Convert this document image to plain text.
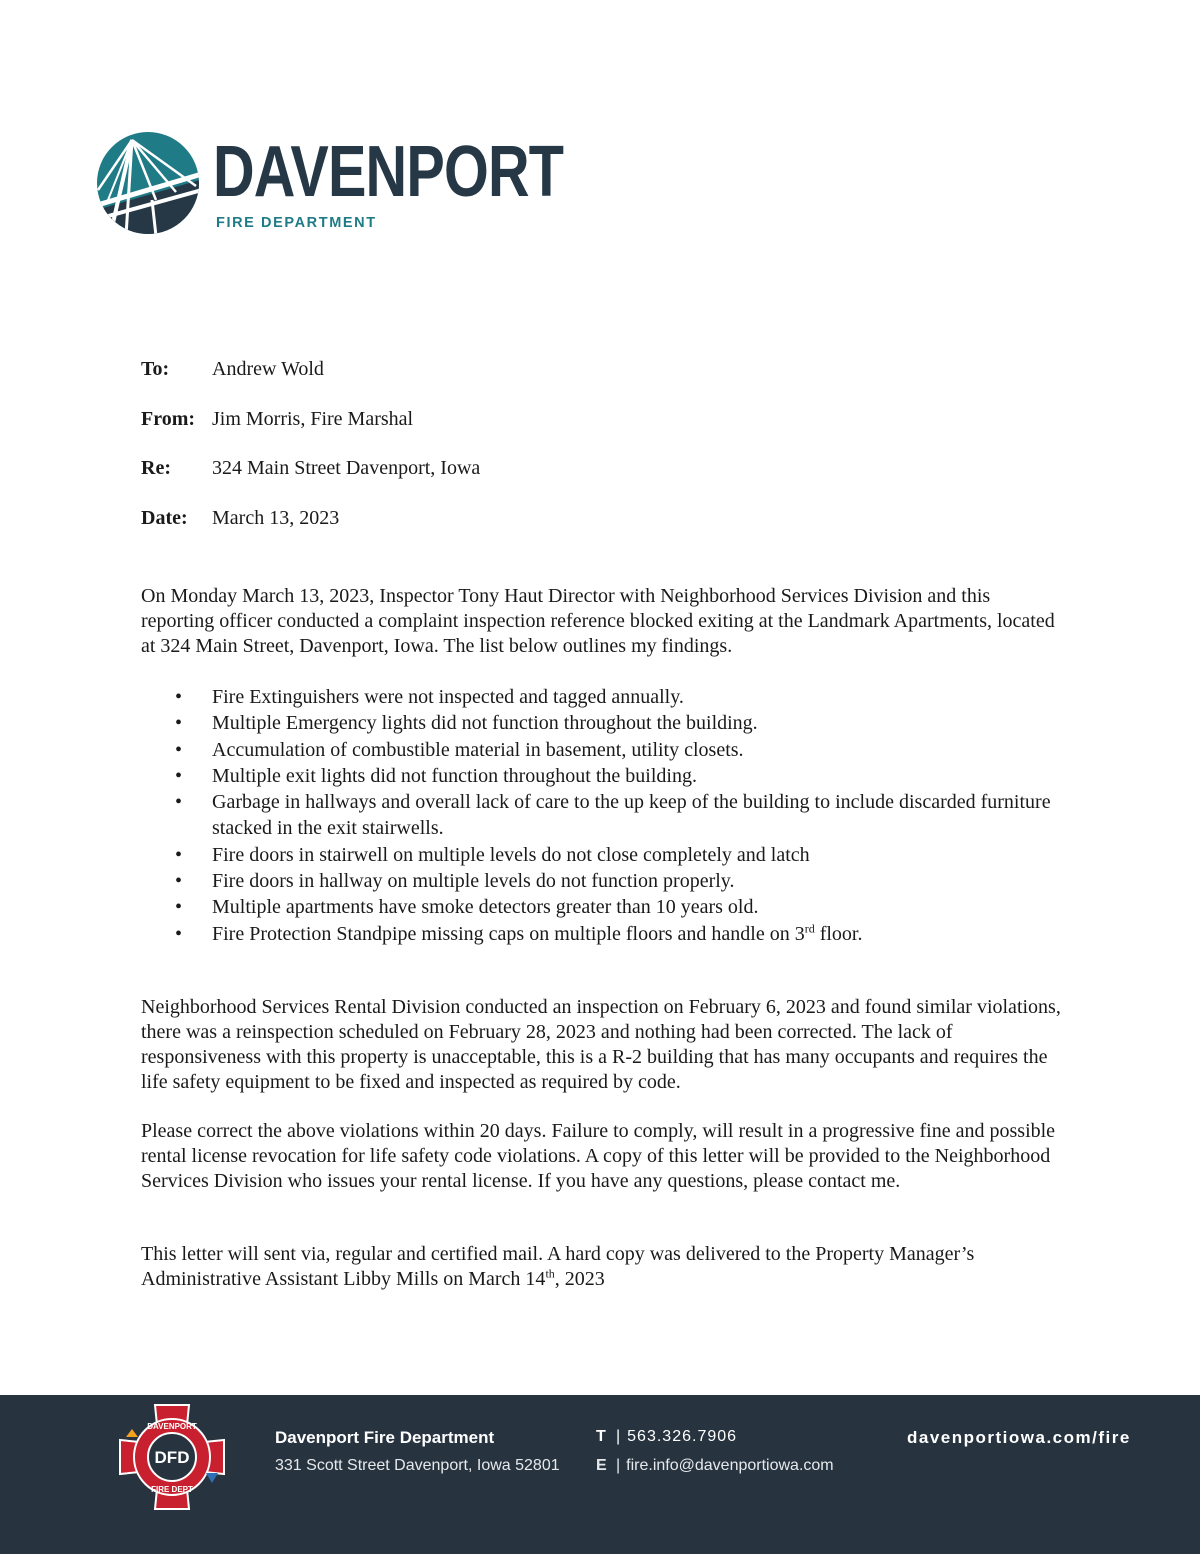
DAVENPORT
FIRE DEPARTMENT
To:	Andrew Wold
From: Jim Morris, Fire Marshal
Re:	324 Main Street Davenport, Iowa
Date:	March 13, 2023

On Monday March 13, 2023, Inspector Tony Haut Director with Neighborhood Services Division and this reporting officer conducted a complaint inspection reference blocked exiting at the Landmark Apartments, located at 324 Main Street, Davenport, Iowa. The list below outlines my findings.

• Fire Extinguishers were not inspected and tagged annually.
• Multiple Emergency lights did not function throughout the building.
• Accumulation of combustible material in basement, utility closets.
• Multiple exit lights did not function throughout the building.
• Garbage in hallways and overall lack of care to the up keep of the building to include discarded furniture stacked in the exit stairwells.
• Fire doors in stairwell on multiple levels do not close completely and latch
• Fire doors in hallway on multiple levels do not function properly.
• Multiple apartments have smoke detectors greater than 10 years old.
• Fire Protection Standpipe missing caps on multiple floors and handle on 3rd floor.

Neighborhood Services Rental Division conducted an inspection on February 6, 2023 and found similar violations, there was a reinspection scheduled on February 28, 2023 and nothing had been corrected. The lack of responsiveness with this property is unacceptable, this is a R-2 building that has many occupants and requires the life safety equipment to be fixed and inspected as required by code.

Please correct the above violations within 20 days. Failure to comply, will result in a progressive fine and possible rental license revocation for life safety code violations. A copy of this letter will be provided to the Neighborhood Services Division who issues your rental license. If you have any questions, please contact me.

This letter will sent via, regular and certified mail. A hard copy was delivered to the Property Manager’s Administrative Assistant Libby Mills on March 14th, 2023

DAVENPORT
DFD
FIRE DEPT
Davenport Fire Department
331 Scott Street Davenport, Iowa 52801
T | 563.326.7906
E | fire.info@davenportiowa.com
davenportiowa.com/fire
